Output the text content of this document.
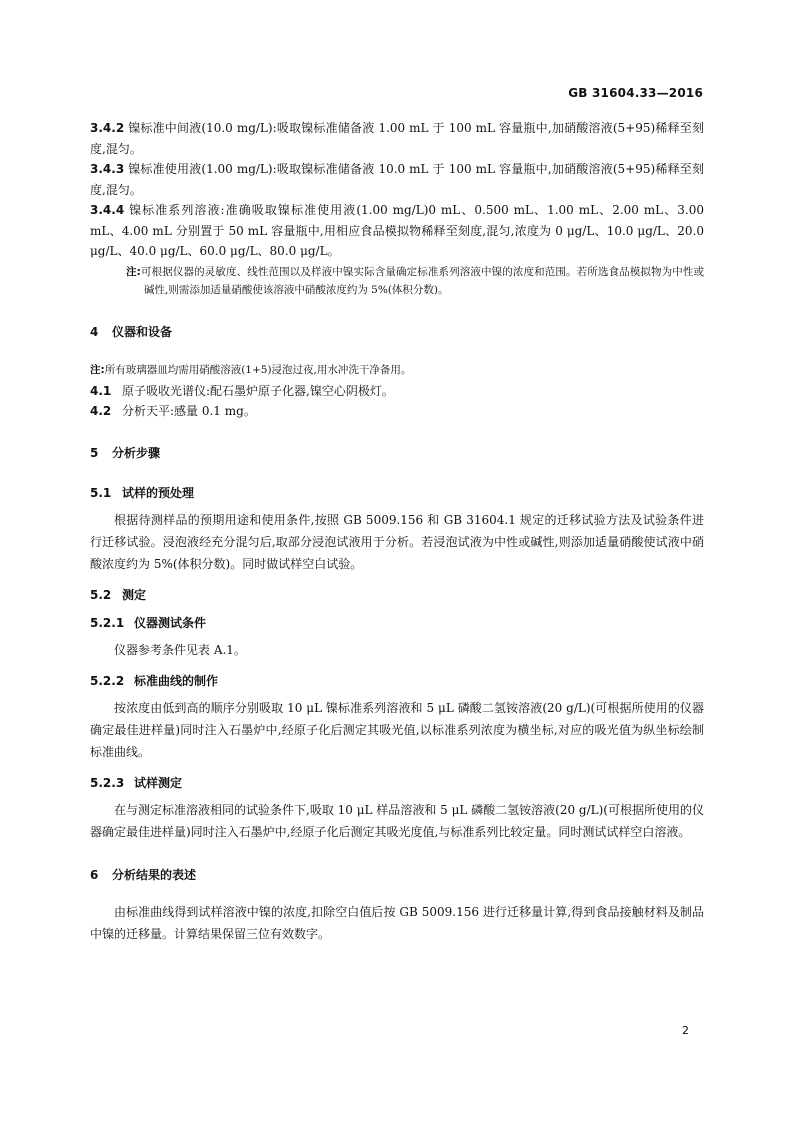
GB 31604.33—2016

3.4.2 镍标准中间液(10.0 mg/L):吸取镍标准储备液 1.00 mL 于 100 mL 容量瓶中,加硝酸溶液(5+95)稀释至刻度,混匀。

3.4.3 镍标准使用液(1.00 mg/L):吸取镍标准储备液 10.0 mL 于 100 mL 容量瓶中,加硝酸溶液(5+95)稀释至刻度,混匀。

3.4.4 镍标准系列溶液:准确吸取镍标准使用液(1.00 mg/L)0 mL、0.500 mL、1.00 mL、2.00 mL、3.00 mL、4.00 mL 分别置于 50 mL 容量瓶中,用相应食品模拟物稀释至刻度,混匀,浓度为 0 μg/L、10.0 μg/L、20.0 μg/L、40.0 μg/L、60.0 μg/L、80.0 μg/L。

注:可根据仪器的灵敏度、线性范围以及样液中镍实际含量确定标准系列溶液中镍的浓度和范围。若所选食品模拟物为中性或碱性,则需添加适量硝酸使该溶液中硝酸浓度约为 5%(体积分数)。

4 仪器和设备

注:所有玻璃器皿均需用硝酸溶液(1+5)浸泡过夜,用水冲洗干净备用。

4.1 原子吸收光谱仪:配石墨炉原子化器,镍空心阴极灯。

4.2 分析天平:感量 0.1 mg。

5 分析步骤

5.1 试样的预处理

根据待测样品的预期用途和使用条件,按照 GB 5009.156 和 GB 31604.1 规定的迁移试验方法及试验条件进行迁移试验。浸泡液经充分混匀后,取部分浸泡试液用于分析。若浸泡试液为中性或碱性,则添加适量硝酸使试液中硝酸浓度约为 5%(体积分数)。同时做试样空白试验。

5.2 测定

5.2.1 仪器测试条件

仪器参考条件见表 A.1。

5.2.2 标准曲线的制作

按浓度由低到高的顺序分别吸取 10 μL 镍标准系列溶液和 5 μL 磷酸二氢铵溶液(20 g/L)(可根据所使用的仪器确定最佳进样量)同时注入石墨炉中,经原子化后测定其吸光值,以标准系列浓度为横坐标,对应的吸光值为纵坐标绘制标准曲线。

5.2.3 试样测定

在与测定标准溶液相同的试验条件下,吸取 10 μL 样品溶液和 5 μL 磷酸二氢铵溶液(20 g/L)(可根据所使用的仪器确定最佳进样量)同时注入石墨炉中,经原子化后测定其吸光度值,与标准系列比较定量。同时测试试样空白溶液。

6 分析结果的表述

由标准曲线得到试样溶液中镍的浓度,扣除空白值后按 GB 5009.156 进行迁移量计算,得到食品接触材料及制品中镍的迁移量。计算结果保留三位有效数字。

2
